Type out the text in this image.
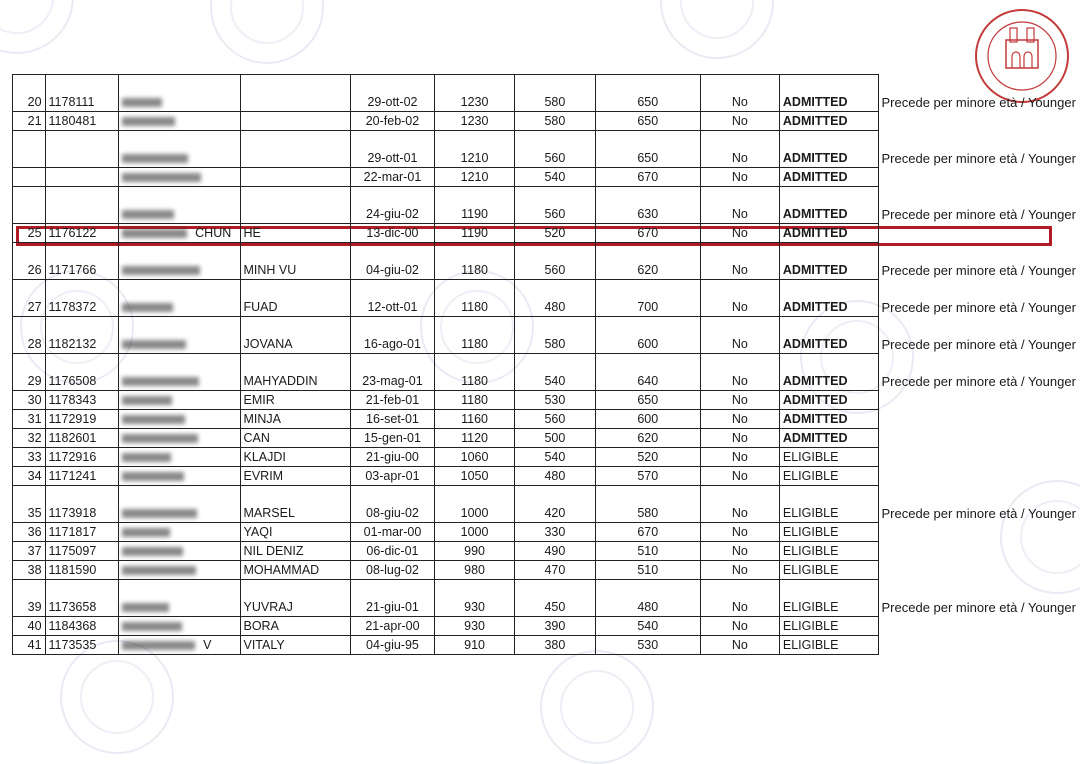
20	1178111			29-ott-02	1230	580	650	No	ADMITTED	Precede per minore età / Younger
21	1180481			20-feb-02	1230	580	650	No	ADMITTED	
				29-ott-01	1210	560	650	No	ADMITTED	Precede per minore età / Younger
				22-mar-01	1210	540	670	No	ADMITTED	
				24-giu-02	1190	560	630	No	ADMITTED	Precede per minore età / Younger
25	1176122	CHUN	HE	13-dic-00	1190	520	670	No	ADMITTED	
26	1171766		MINH VU	04-giu-02	1180	560	620	No	ADMITTED	Precede per minore età / Younger
27	1178372		FUAD	12-ott-01	1180	480	700	No	ADMITTED	Precede per minore età / Younger
28	1182132		JOVANA	16-ago-01	1180	580	600	No	ADMITTED	Precede per minore età / Younger
29	1176508		MAHYADDIN	23-mag-01	1180	540	640	No	ADMITTED	Precede per minore età / Younger
30	1178343		EMIR	21-feb-01	1180	530	650	No	ADMITTED	
31	1172919		MINJA	16-set-01	1160	560	600	No	ADMITTED	
32	1182601		CAN	15-gen-01	1120	500	620	No	ADMITTED	
33	1172916		KLAJDI	21-giu-00	1060	540	520	No	ELIGIBLE	
34	1171241		EVRIM	03-apr-01	1050	480	570	No	ELIGIBLE	
35	1173918		MARSEL	08-giu-02	1000	420	580	No	ELIGIBLE	Precede per minore età / Younger
36	1171817		YAQI	01-mar-00	1000	330	670	No	ELIGIBLE	
37	1175097		NIL DENIZ	06-dic-01	990	490	510	No	ELIGIBLE	
38	1181590		MOHAMMAD	08-lug-02	980	470	510	No	ELIGIBLE	
39	1173658		YUVRAJ	21-giu-01	930	450	480	No	ELIGIBLE	Precede per minore età / Younger
40	1184368		BORA	21-apr-00	930	390	540	No	ELIGIBLE	
41	1173535	V	VITALY	04-giu-95	910	380	530	No	ELIGIBLE	
